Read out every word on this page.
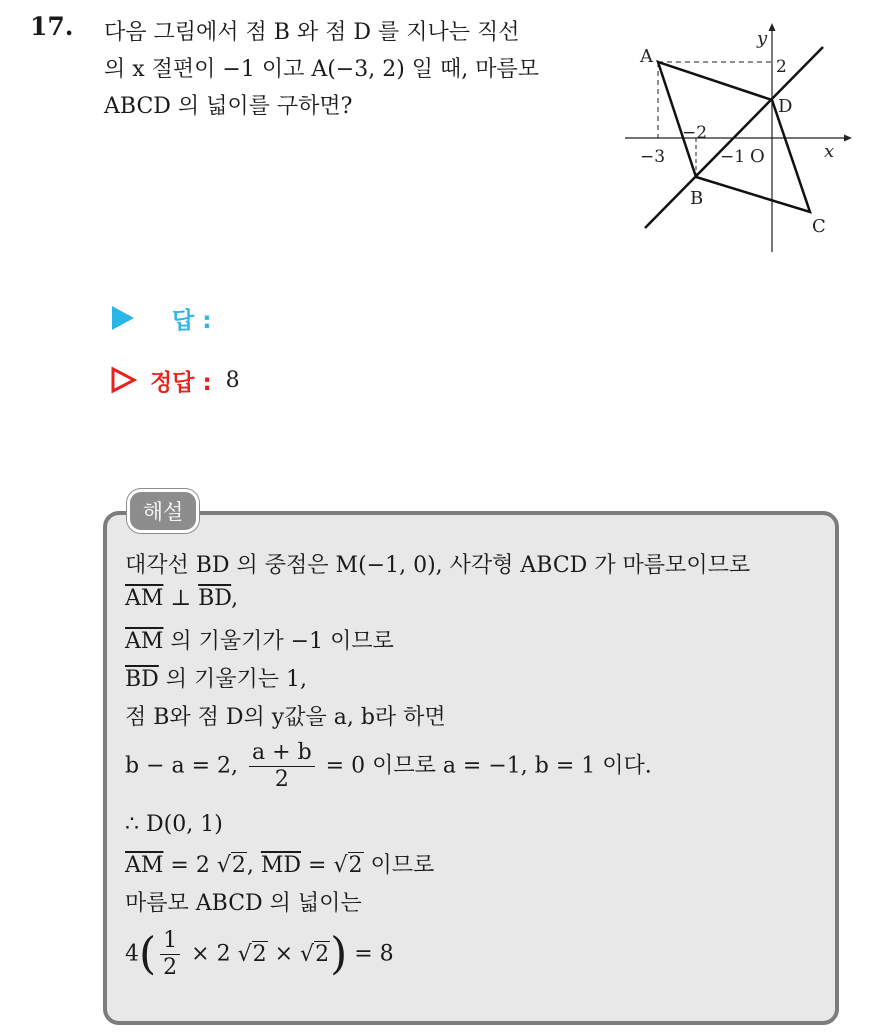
17. 다음 그림에서 점 B 와 점 D 를 지나는 직선
의 x 절편이 −1 이고 A(−3, 2) 일 때, 마름모
ABCD 의 넓이를 구하면?
y
x
O
A
B
C
D
2
−2
−3	−1
답 :
정답 : 8
해설
대각선 BD 의 중점은 M(−1, 0), 사각형 ABCD 가 마름모이므로
$\overline{AM}$ ⊥ $\overline{BD}$,
$\overline{AM}$ 의 기울기가 −1 이므로
$\overline{BD}$ 의 기울기는 1,
점 B와 점 D의 y값을 a, b라 하면
b − a = 2, $\frac{a + b}{2} = 0$ 이므로 a = −1, b = 1 이다.
∴ D(0, 1)
$\overline{AM} = 2$ √2, $\overline{MD} = √2$ 이므로
마름모 ABCD 의 넓이는
$4( \frac{1}{2} \times 2$ √2 × √2) = 8
